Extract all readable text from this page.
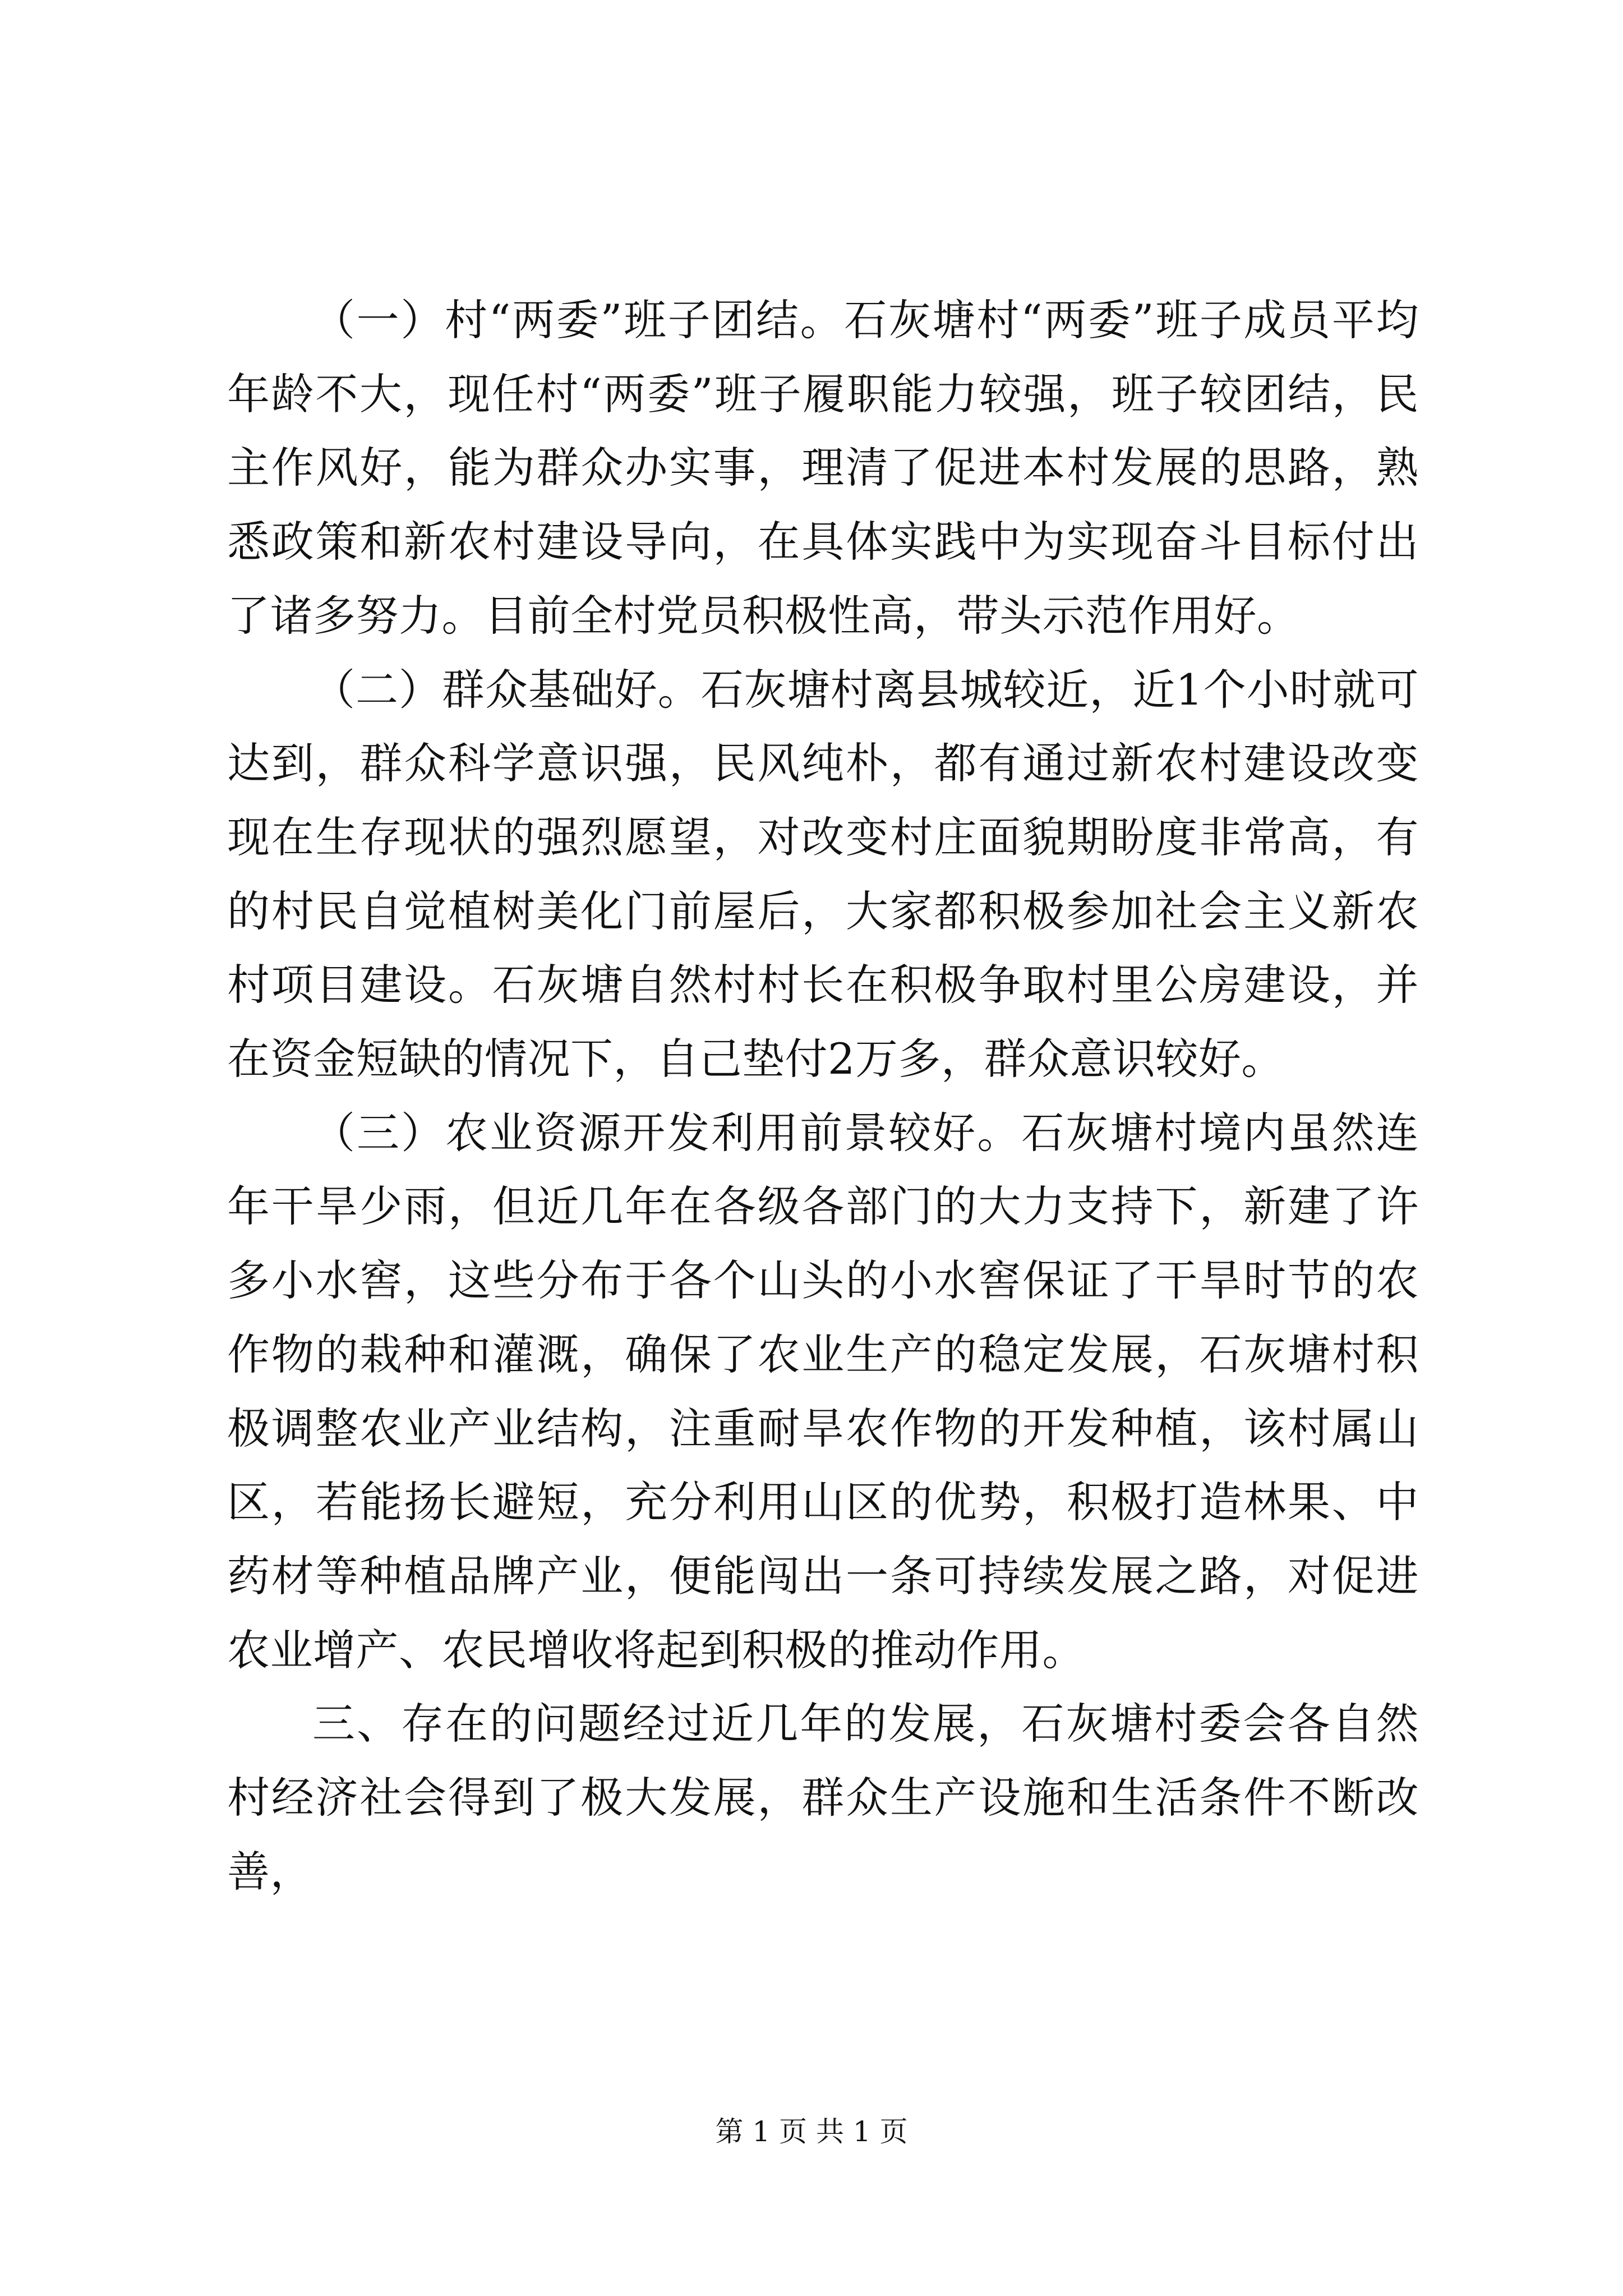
（一）村“两委”班子团结。石灰塘村“两委”班子成员平均年龄不大，现任村“两委”班子履职能力较强，班子较团结，民主作风好，能为群众办实事，理清了促进本村发展的思路，熟悉政策和新农村建设导向，在具体实践中为实现奋斗目标付出了诸多努力。目前全村党员积极性高，带头示范作用好。

（二）群众基础好。石灰塘村离县城较近，近1个小时就可达到，群众科学意识强，民风纯朴，都有通过新农村建设改变现在生存现状的强烈愿望，对改变村庄面貌期盼度非常高，有的村民自觉植树美化门前屋后，大家都积极参加社会主义新农村项目建设。石灰塘自然村村长在积极争取村里公房建设，并在资金短缺的情况下，自己垫付2万多，群众意识较好。

（三）农业资源开发利用前景较好。石灰塘村境内虽然连年干旱少雨，但近几年在各级各部门的大力支持下，新建了许多小水窖，这些分布于各个山头的小水窖保证了干旱时节的农作物的栽种和灌溉，确保了农业生产的稳定发展，石灰塘村积极调整农业产业结构，注重耐旱农作物的开发种植，该村属山区，若能扬长避短，充分利用山区的优势，积极打造林果、中药材等种植品牌产业，便能闯出一条可持续发展之路，对促进农业增产、农民增收将起到积极的推动作用。

三、存在的问题经过近几年的发展，石灰塘村委会各自然村经济社会得到了极大发展，群众生产设施和生活条件不断改善，

第 1 页 共 1 页
